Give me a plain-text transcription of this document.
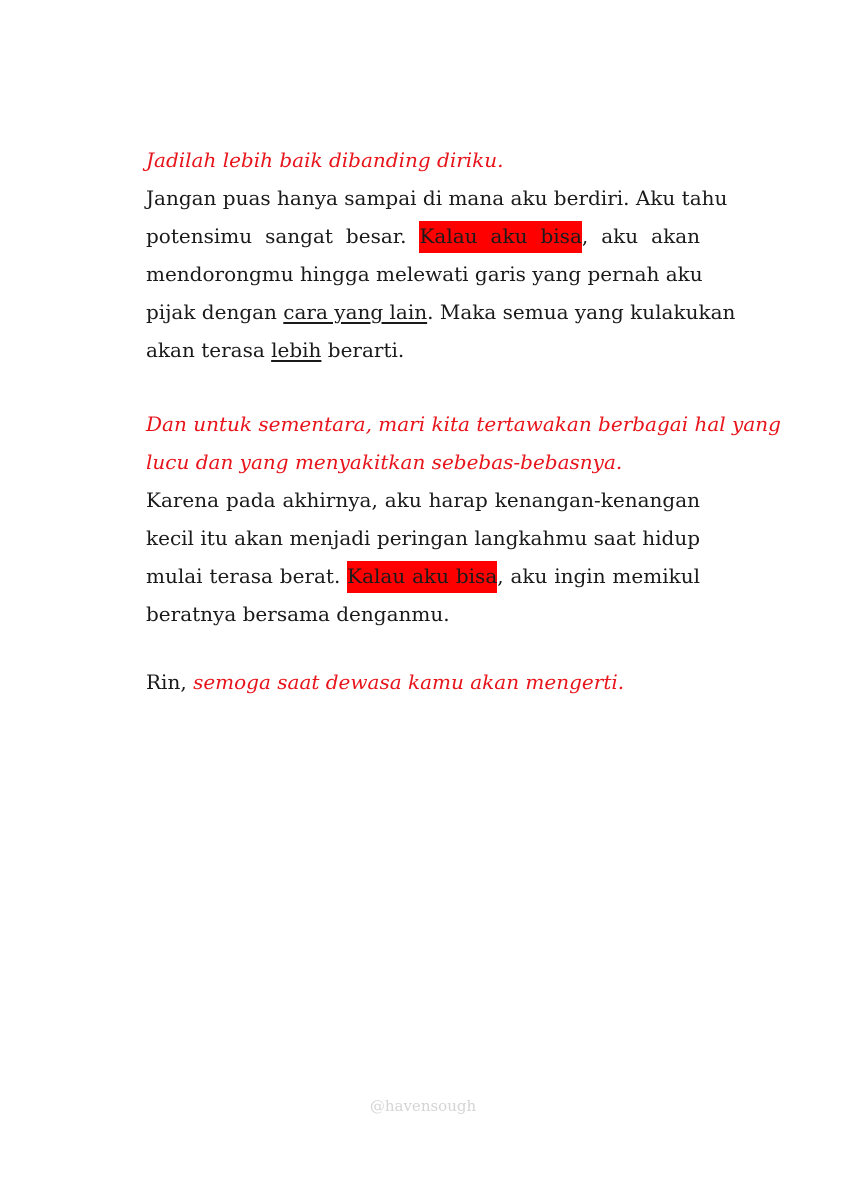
Jadilah lebih baik dibanding diriku.
Jangan puas hanya sampai di mana aku berdiri. Aku tahu
potensimu sangat besar. Kalau aku bisa, aku akan
mendorongmu hingga melewati garis yang pernah aku
pijak dengan cara yang lain. Maka semua yang kulakukan
akan terasa lebih berarti.
Dan untuk sementara, mari kita tertawakan berbagai hal yang
lucu dan yang menyakitkan sebebas-bebasnya.
Karena pada akhirnya, aku harap kenangan-kenangan
kecil itu akan menjadi peringan langkahmu saat hidup
mulai terasa berat. Kalau aku bisa, aku ingin memikul
beratnya bersama denganmu.
Rin, semoga saat dewasa kamu akan mengerti.
@havensough
